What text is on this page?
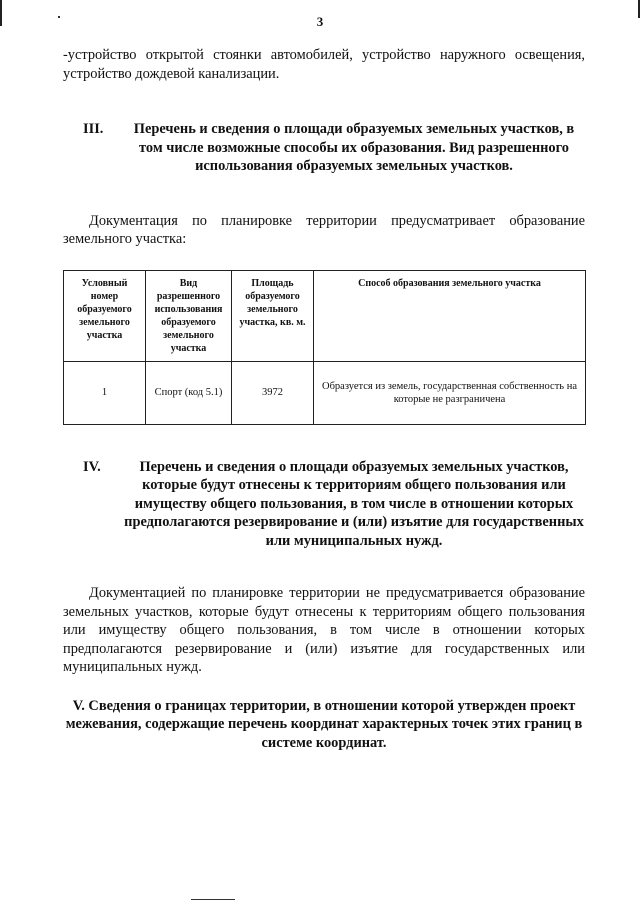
3

-устройство открытой стоянки автомобилей, устройство наружного освещения, устройство дождевой канализации.

III.	Перечень и сведения о площади образуемых земельных участков, в том числе возможные способы их образования. Вид разрешенного использования образуемых земельных участков.

Документация по планировке территории предусматривает образование земельного участка:

Условный номер образуемого земельного участка	Вид разрешенного использования образуемого земельного участка	Площадь образуемого земельного участка, кв. м.	Способ образования земельного участка
1	Спорт (код 5.1)	3972	Образуется из земель, государственная собственность на которые не разграничена
IV.	Перечень и сведения о площади образуемых земельных участков, которые будут отнесены к территориям общего пользования или имуществу общего пользования, в том числе в отношении которых предполагаются резервирование и (или) изъятие для государственных или муниципальных нужд.

Документацией по планировке территории не предусматривается образование земельных участков, которые будут отнесены к территориям общего пользования или имуществу общего пользования, в том числе в отношении которых предполагаются резервирование и (или) изъятие для государственных или муниципальных нужд.

V. Сведения о границах территории, в отношении которой утвержден проект межевания, содержащие перечень координат характерных точек этих границ в системе координат.
